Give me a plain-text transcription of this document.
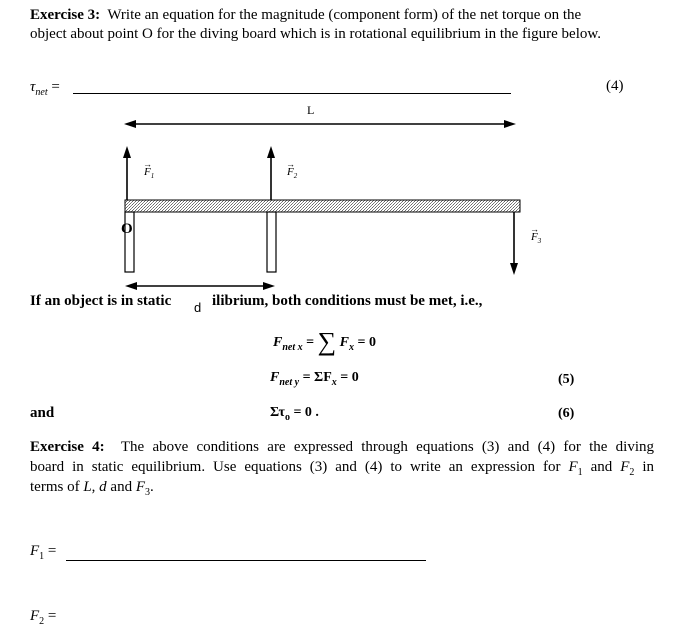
Exercise 3: Write an equation for the magnitude (component form) of the net torque on the
object about point O for the diving board which is in rotational equilibrium in the figure below.
$\tau_{net}$ =	(4)
L
$F_1$
→
$F_2$
→
O	$F_3$
→
If an object is in static d ilibrium, both conditions must be met, i.e.,
$F_{net x}$ = ∑ $F_x = 0$
$F_{net y} = \Sigma F_x = 0$	(5)
and	$\Sigma\tau_o = 0$ .	(6)
Exercise 4: The above conditions are expressed through equations (3) and (4) for the diving
board in static equilibrium. Use equations (3) and (4) to write an expression for $F_1$ and $F_2$ in
terms of L, d and $F_3$.
$F_1$ =
$F_2$ =
